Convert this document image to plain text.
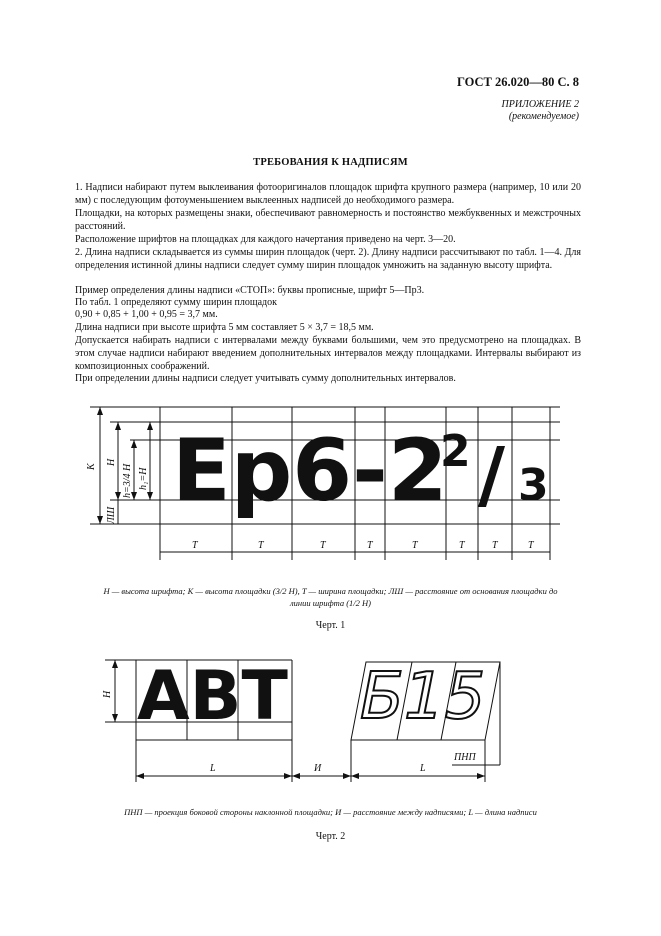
ГОСТ 26.020—80 С. 8
ПРИЛОЖЕНИЕ 2
(рекомендуемое)
ТРЕБОВАНИЯ К НАДПИСЯМ
1. Надписи набирают путем выклеивания фотооригиналов площадок шрифта крупного размера (например, 10 или 20 мм) с последующим фотоуменьшением выклеенных надписей до необходимого размера.
Площадки, на которых размещены знаки, обеспечивают равномерность и постоянство межбуквенных и межстрочных расстояний.
Расположение шрифтов на площадках для каждого начертания приведено на черт. 3—20.
2. Длина надписи складывается из суммы ширин площадок (черт. 2). Длину надписи рассчитывают по табл. 1—4. Для определения истинной длины надписи следует сумму ширин площадок умножить на заданную высоту шрифта.
Пример определения длины надписи «СТОП»: буквы прописные, шрифт 5—Пр3.
По табл. 1 определяют сумму ширин площадок
0,90 + 0,85 + 1,00 + 0,95 = 3,7 мм.
Длина надписи при высоте шрифта 5 мм составляет 5 × 3,7 = 18,5 мм.
Допускается набирать надписи с интервалами между буквами большими, чем это предусмотрено на площадках. В этом случае надписи набирают введением дополнительных интервалов между площадками. Интервалы выбирают из композиционных соображений.
При определении длины надписи следует учитывать сумму дополнительных интервалов.
Ер6-2
2 / 3
K
H
h=3/4 H h₁=H
ЛШ
T	T	T	T	T	T	T	T
H — высота шрифта; K — высота площадки (3/2 H), T — ширина площадки; ЛШ — расстояние от основания площадки до
линии шрифта (1/2 H)
Черт. 1
АВТ Б15
H
L	И	L
ПНП
ПНП — проекция боковой стороны наклонной площадки; И — расстояние между надписями; L — длина надписи
Черт. 2
